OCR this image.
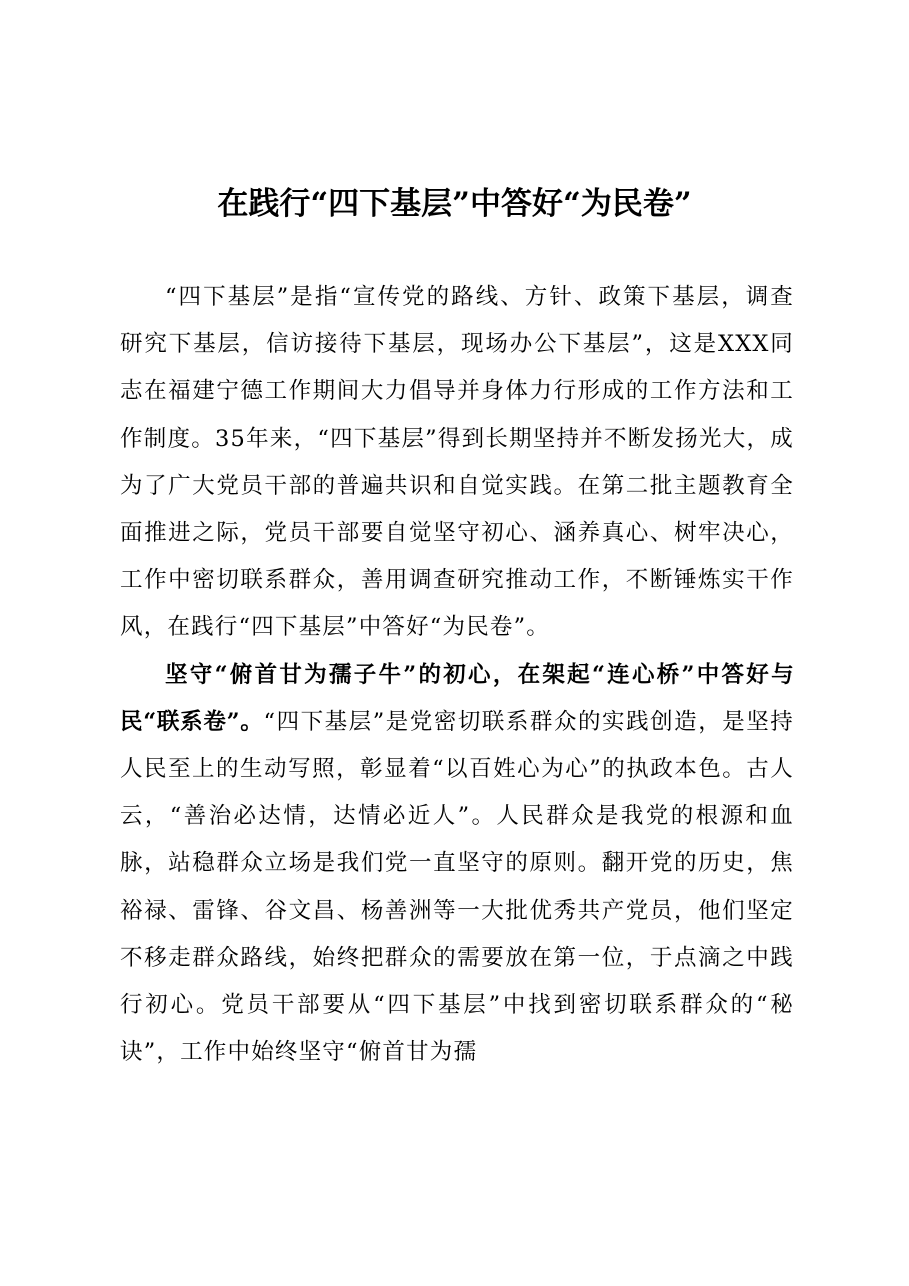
在践行“四下基层”中答好“为民卷”

“四下基层”是指“宣传党的路线、方针、政策下基层，调查研究下基层，信访接待下基层，现场办公下基层”，这是XXX同志在福建宁德工作期间大力倡导并身体力行形成的工作方法和工作制度。35年来，“四下基层”得到长期坚持并不断发扬光大，成为了广大党员干部的普遍共识和自觉实践。在第二批主题教育全面推进之际，党员干部要自觉坚守初心、涵养真心、树牢决心，工作中密切联系群众，善用调查研究推动工作，不断锤炼实干作风，在践行“四下基层”中答好“为民卷”。

坚守“俯首甘为孺子牛”的初心，在架起“连心桥”中答好与民“联系卷”。“四下基层”是党密切联系群众的实践创造，是坚持人民至上的生动写照，彰显着“以百姓心为心”的执政本色。古人云，“善治必达情，达情必近人”。人民群众是我党的根源和血脉，站稳群众立场是我们党一直坚守的原则。翻开党的历史，焦裕禄、雷锋、谷文昌、杨善洲等一大批优秀共产党员，他们坚定不移走群众路线，始终把群众的需要放在第一位，于点滴之中践行初心。党员干部要从“四下基层”中找到密切联系群众的“秘诀”，工作中始终坚守“俯首甘为孺
